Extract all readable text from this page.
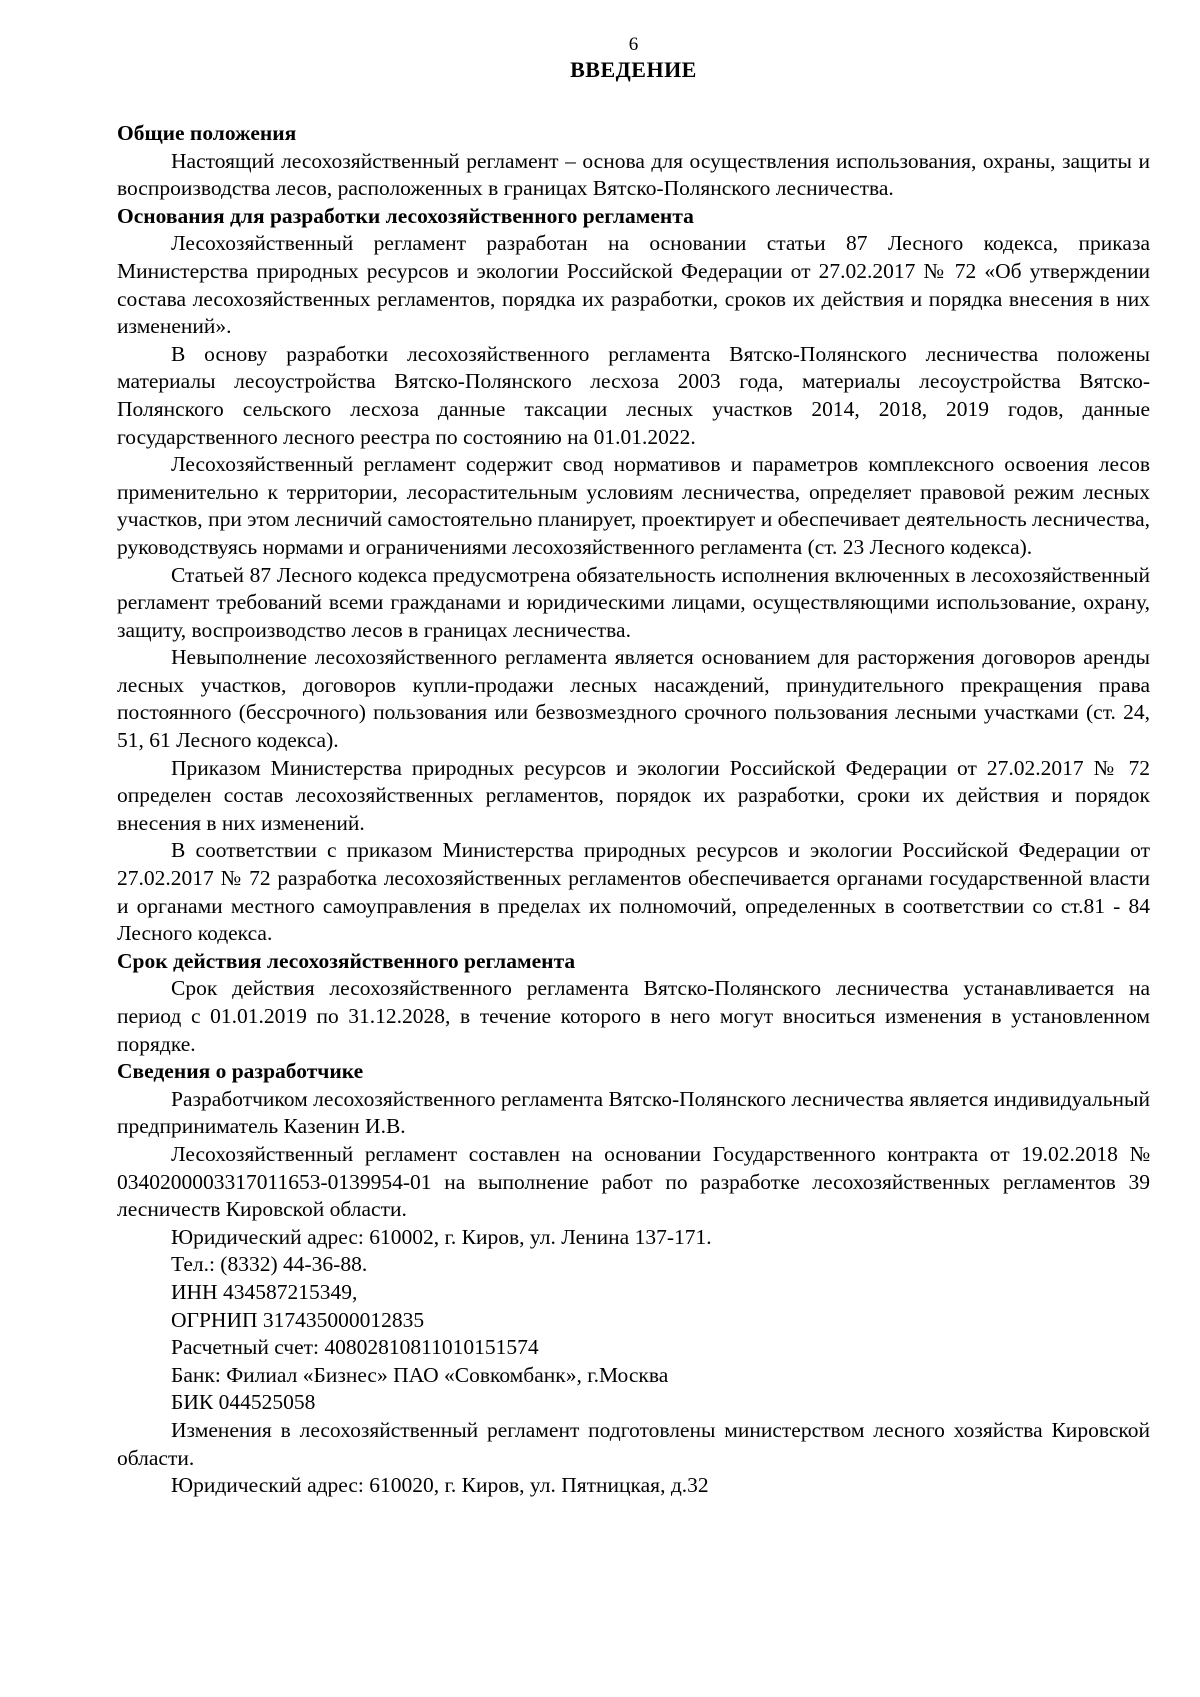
6

ВВЕДЕНИЕ
Общие положения

Настоящий лесохозяйственный регламент – основа для осуществления использования, охраны, защиты и воспроизводства лесов, расположенных в границах Вятско-Полянского лесничества.

Основания для разработки лесохозяйственного регламента

Лесохозяйственный регламент разработан на основании статьи 87 Лесного кодекса, приказа Министерства природных ресурсов и экологии Российской Федерации от 27.02.2017 № 72 «Об утверждении состава лесохозяйственных регламентов, порядка их разработки, сроков их действия и порядка внесения в них изменений».

В основу разработки лесохозяйственного регламента Вятско-Полянского лесничества положены материалы лесоустройства Вятско-Полянского лесхоза 2003 года, материалы лесоустройства Вятско-Полянского сельского лесхоза данные таксации лесных участков 2014, 2018, 2019 годов, данные государственного лесного реестра по состоянию на 01.01.2022.

Лесохозяйственный регламент содержит свод нормативов и параметров комплексного освоения лесов применительно к территории, лесорастительным условиям лесничества, определяет правовой режим лесных участков, при этом лесничий самостоятельно планирует, проектирует и обеспечивает деятельность лесничества, руководствуясь нормами и ограничениями лесохозяйственного регламента (ст. 23 Лесного кодекса).

Статьей 87 Лесного кодекса предусмотрена обязательность исполнения включенных в лесохозяйственный регламент требований всеми гражданами и юридическими лицами, осуществляющими использование, охрану, защиту, воспроизводство лесов в границах лесничества.

Невыполнение лесохозяйственного регламента является основанием для расторжения договоров аренды лесных участков, договоров купли-продажи лесных насаждений, принудительного прекращения права постоянного (бессрочного) пользования или безвозмездного срочного пользования лесными участками (ст. 24, 51, 61 Лесного кодекса).

Приказом Министерства природных ресурсов и экологии Российской Федерации от 27.02.2017 № 72 определен состав лесохозяйственных регламентов, порядок их разработки, сроки их действия и порядок внесения в них изменений.

В соответствии с приказом Министерства природных ресурсов и экологии Российской Федерации от 27.02.2017 № 72 разработка лесохозяйственных регламентов обеспечивается органами государственной власти и органами местного самоуправления в пределах их полномочий, определенных в соответствии со ст.81 - 84 Лесного кодекса.

Срок действия лесохозяйственного регламента

Срок действия лесохозяйственного регламента Вятско-Полянского лесничества устанавливается на период с 01.01.2019 по 31.12.2028, в течение которого в него могут вноситься изменения в установленном порядке.

Сведения о разработчике

Разработчиком лесохозяйственного регламента Вятско-Полянского лесничества является индивидуальный предприниматель Казенин И.В.

Лесохозяйственный регламент составлен на основании Государственного контракта от 19.02.2018 № 0340200003317011653-0139954-01 на выполнение работ по разработке лесохозяйственных регламентов 39 лесничеств Кировской области.

Юридический адрес: 610002, г. Киров, ул. Ленина 137-171.

Тел.: (8332) 44-36-88.

ИНН 434587215349,

ОГРНИП 317435000012835

Расчетный счет: 40802810811010151574

Банк: Филиал «Бизнес» ПАО «Совкомбанк», г.Москва

БИК 044525058

Изменения в лесохозяйственный регламент подготовлены министерством лесного хозяйства Кировской области.

Юридический адрес: 610020, г. Киров, ул. Пятницкая, д.32
